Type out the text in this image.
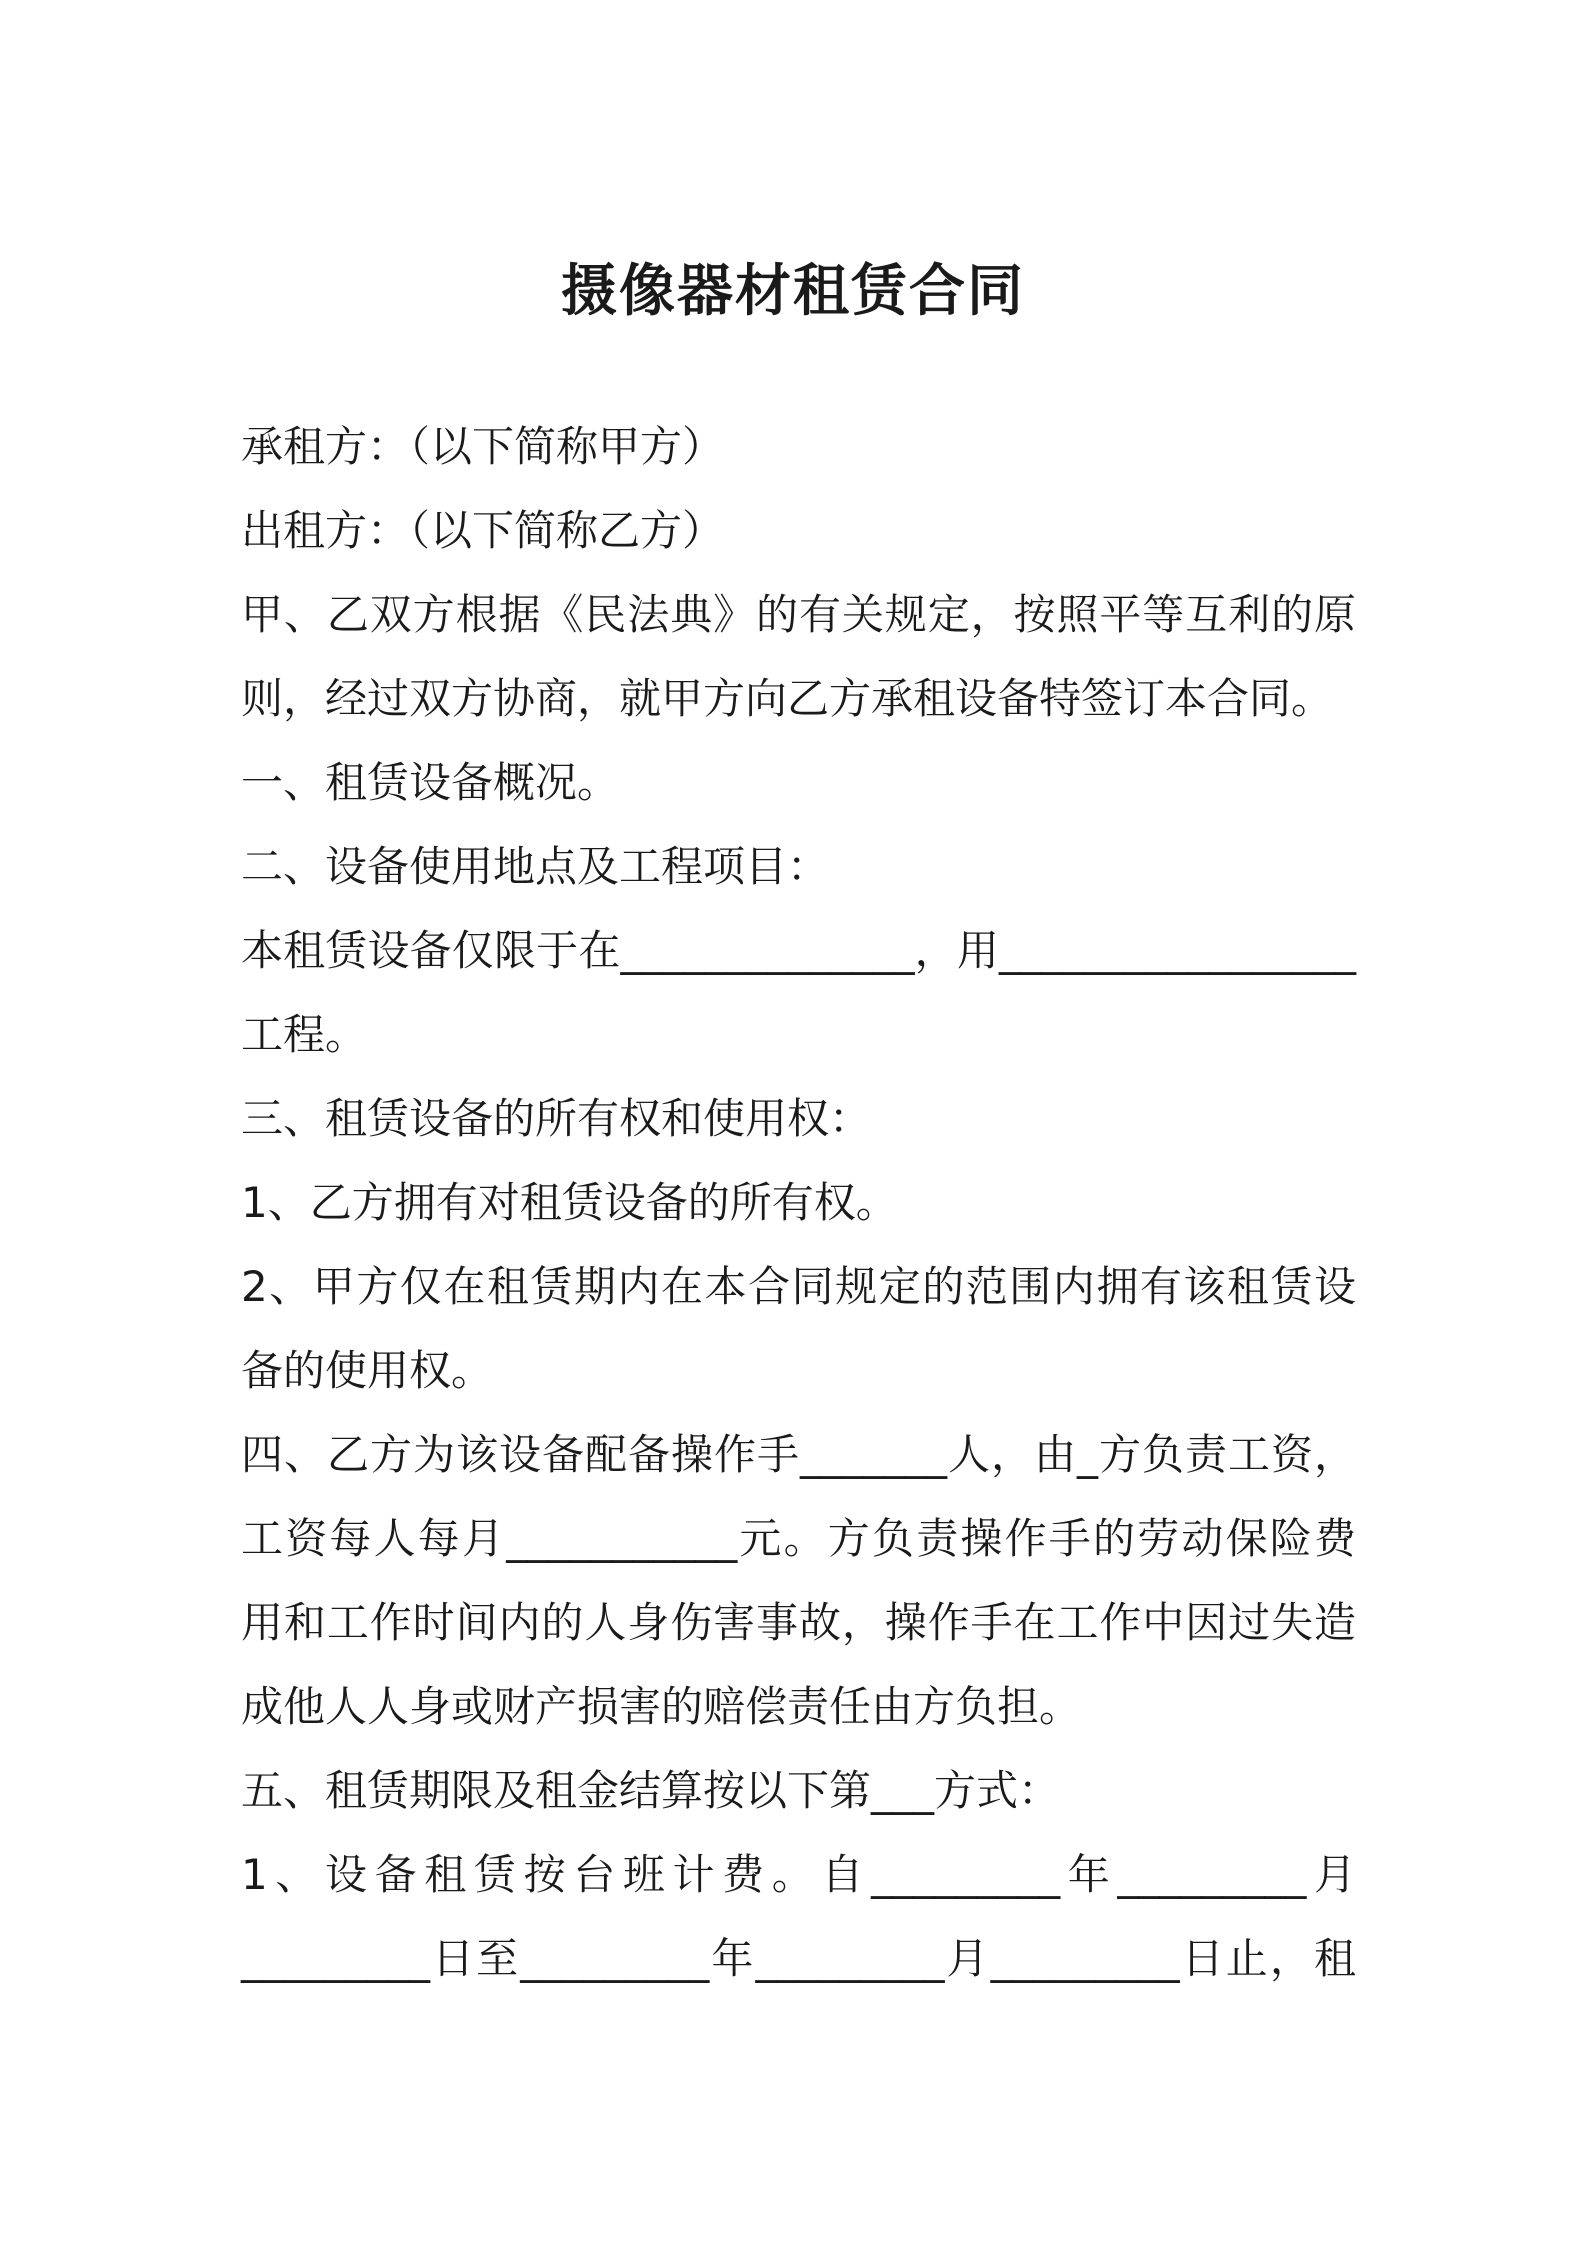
摄像器材租赁合同

承租方：（以下简称甲方）

出租方：（以下简称乙方）

甲、乙双方根据《民法典》的有关规定，按照平等互利的原

则，经过双方协商，就甲方向乙方承租设备特签订本合同。

一、租赁设备概况。

二、设备使用地点及工程项目：

本租赁设备仅限于在______________，用_________________

工程。

三、租赁设备的所有权和使用权：

1、乙方拥有对租赁设备的所有权。

2、甲方仅在租赁期内在本合同规定的范围内拥有该租赁设

备的使用权。

四、乙方为该设备配备操作手_______人，由_方负责工资，

工资每人每月___________元。方负责操作手的劳动保险费

用和工作时间内的人身伤害事故，操作手在工作中因过失造

成他人人身或财产损害的赔偿责任由方负担。

五、租赁期限及租金结算按以下第___方式：

1、设备租赁按台班计费。自_________年_________月

_________日至_________年_________月_________日止，租
